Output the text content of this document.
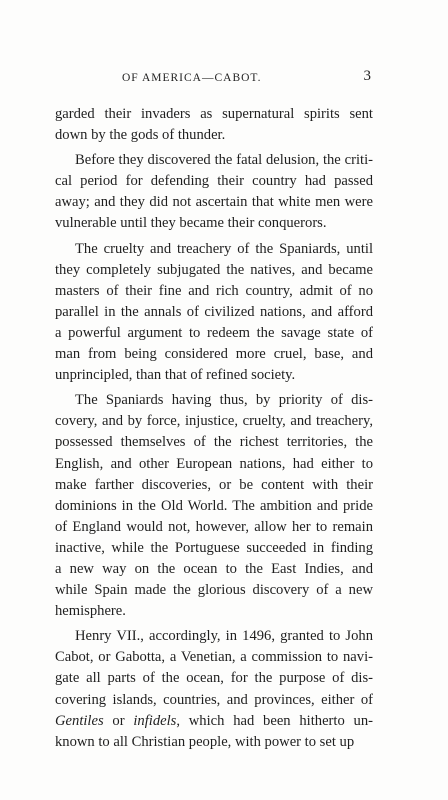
OF AMERICA—CABOT.	3
garded their invaders as supernatural spirits sent
down by the gods of thunder.
Before they discovered the fatal delusion, the criti-
cal period for defending their country had passed
away; and they did not ascertain that white men were
vulnerable until they became their conquerors.
The cruelty and treachery of the Spaniards, until
they completely subjugated the natives, and became
masters of their fine and rich country, admit of no
parallel in the annals of civilized nations, and afford
a powerful argument to redeem the savage state of
man from being considered more cruel, base, and
unprincipled, than that of refined society.
The Spaniards having thus, by priority of dis-
covery, and by force, injustice, cruelty, and treachery,
possessed themselves of the richest territories, the
English, and other European nations, had either to
make farther discoveries, or be content with their
dominions in the Old World. The ambition and pride
of England would not, however, allow her to remain
inactive, while the Portuguese succeeded in finding
a new way on the ocean to the East Indies, and
while Spain made the glorious discovery of a new
hemisphere.
Henry VII., accordingly, in 1496, granted to John
Cabot, or Gabotta, a Venetian, a commission to navi-
gate all parts of the ocean, for the purpose of dis-
covering islands, countries, and provinces, either of
Gentiles or infidels, which had been hitherto un-
known to all Christian people, with power to set up
